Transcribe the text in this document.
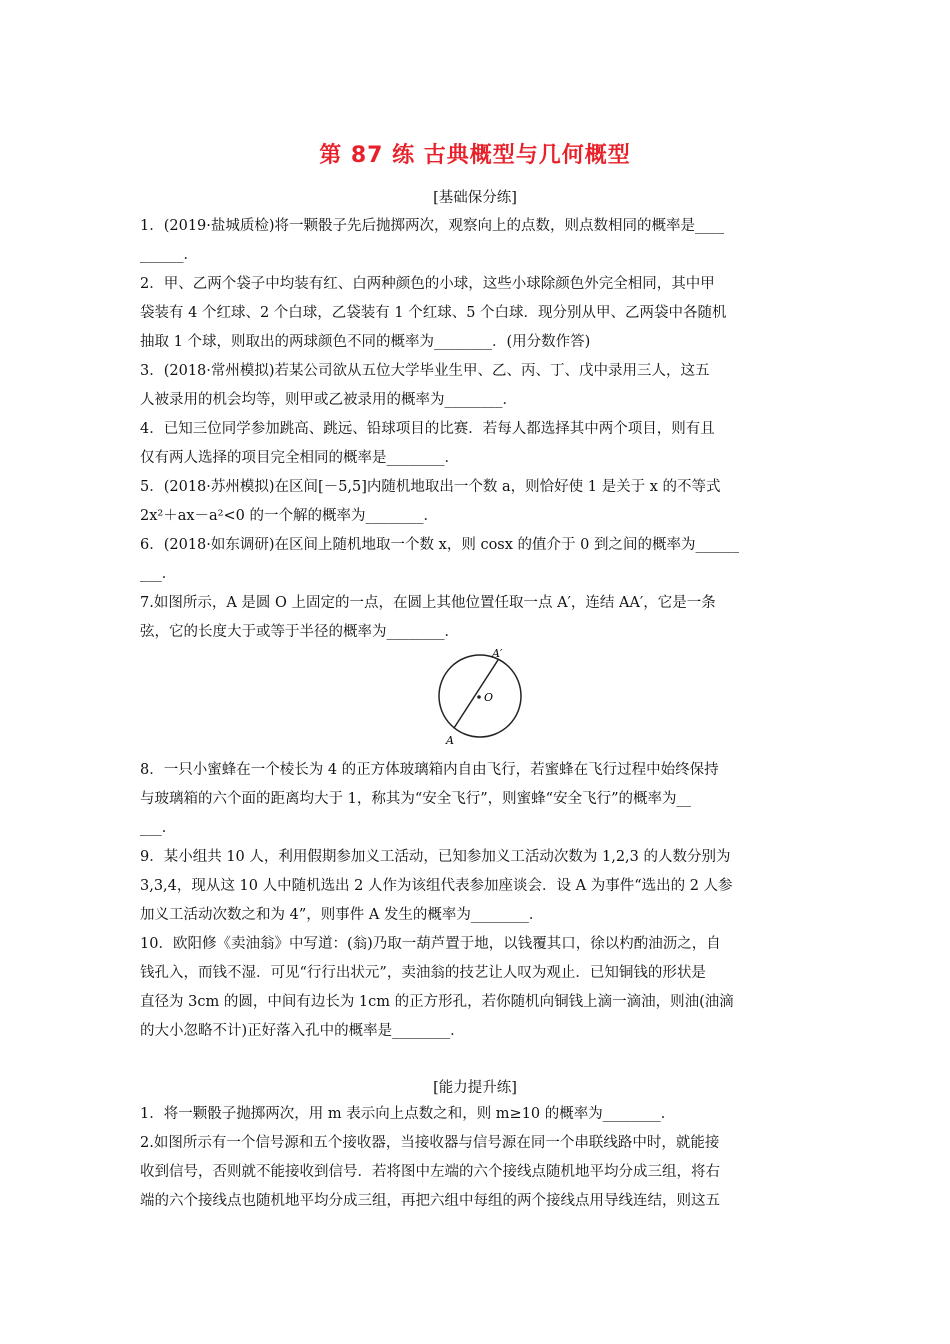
第 87 练 古典概型与几何概型
[基础保分练]
1．(2019·盐城质检)将一颗骰子先后抛掷两次，观察向上的点数，则点数相同的概率是____
______．
2．甲、乙两个袋子中均装有红、白两种颜色的小球，这些小球除颜色外完全相同，其中甲
袋装有 4 个红球、2 个白球，乙袋装有 1 个红球、5 个白球．现分别从甲、乙两袋中各随机
抽取 1 个球，则取出的两球颜色不同的概率为________．(用分数作答)
3．(2018·常州模拟)若某公司欲从五位大学毕业生甲、乙、丙、丁、戊中录用三人，这五
人被录用的机会均等，则甲或乙被录用的概率为________．
4．已知三位同学参加跳高、跳远、铅球项目的比赛．若每人都选择其中两个项目，则有且
仅有两人选择的项目完全相同的概率是________．
5．(2018·苏州模拟)在区间[－5,5]内随机地取出一个数 a，则恰好使 1 是关于 x 的不等式
2x²＋ax－a²<0 的一个解的概率为________．
6．(2018·如东调研)在区间上随机地取一个数 x，则 cosx 的值介于 0 到之间的概率为______
___．
7.如图所示，A 是圆 O 上固定的一点，在圆上其他位置任取一点 A′，连结 AA′，它是一条
弦，它的长度大于或等于半径的概率为________．
O
A
A′
8．一只小蜜蜂在一个棱长为 4 的正方体玻璃箱内自由飞行，若蜜蜂在飞行过程中始终保持
与玻璃箱的六个面的距离均大于 1，称其为“安全飞行”，则蜜蜂“安全飞行”的概率为__
___．
9．某小组共 10 人，利用假期参加义工活动，已知参加义工活动次数为 1,2,3 的人数分别为
3,3,4，现从这 10 人中随机选出 2 人作为该组代表参加座谈会．设 A 为事件“选出的 2 人参
加义工活动次数之和为 4”，则事件 A 发生的概率为________．
10．欧阳修《卖油翁》中写道：(翁)乃取一葫芦置于地，以钱覆其口，徐以杓酌油沥之，自
钱孔入，而钱不湿．可见“行行出状元”，卖油翁的技艺让人叹为观止．已知铜钱的形状是
直径为 3cm 的圆，中间有边长为 1cm 的正方形孔，若你随机向铜钱上滴一滴油，则油(油滴
的大小忽略不计)正好落入孔中的概率是________．
[能力提升练]
1．将一颗骰子抛掷两次，用 m 表示向上点数之和，则 m≥10 的概率为________．
2.如图所示有一个信号源和五个接收器，当接收器与信号源在同一个串联线路中时，就能接
收到信号，否则就不能接收到信号．若将图中左端的六个接线点随机地平均分成三组，将右
端的六个接线点也随机地平均分成三组，再把六组中每组的两个接线点用导线连结，则这五
